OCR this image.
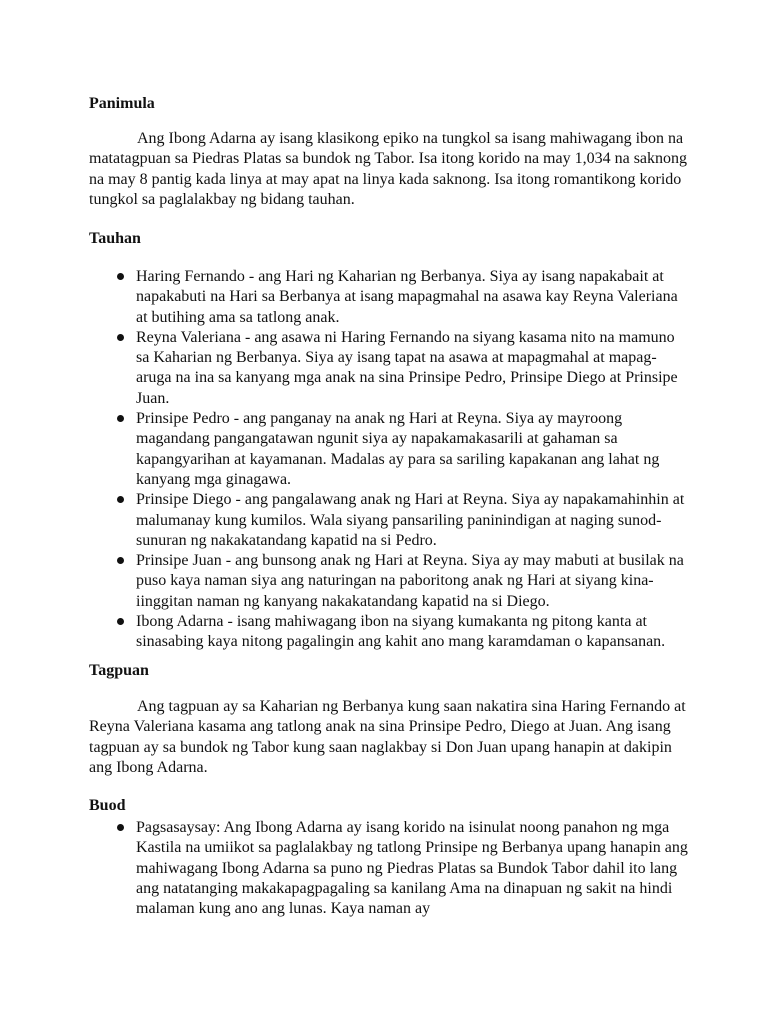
Panimula

Ang Ibong Adarna ay isang klasikong epiko na tungkol sa isang mahiwagang ibon na matatagpuan sa Piedras Platas sa bundok ng Tabor. Isa itong korido na may 1,034 na saknong na may 8 pantig kada linya at may apat na linya kada saknong. Isa itong romantikong korido tungkol sa paglalakbay ng bidang tauhan.

Tauhan
Haring Fernando - ang Hari ng Kaharian ng Berbanya. Siya ay isang napakabait at napakabuti na Hari sa Berbanya at isang mapagmahal na asawa kay Reyna Valeriana at butihing ama sa tatlong anak.
Reyna Valeriana - ang asawa ni Haring Fernando na siyang kasama nito na mamuno sa Kaharian ng Berbanya. Siya ay isang tapat na asawa at mapagmahal at mapag-aruga na ina sa kanyang mga anak na sina Prinsipe Pedro, Prinsipe Diego at Prinsipe Juan.
Prinsipe Pedro - ang panganay na anak ng Hari at Reyna. Siya ay mayroong magandang pangangatawan ngunit siya ay napakamakasarili at gahaman sa kapangyarihan at kayamanan. Madalas ay para sa sariling kapakanan ang lahat ng kanyang mga ginagawa.
Prinsipe Diego - ang pangalawang anak ng Hari at Reyna. Siya ay napakamahinhin at malumanay kung kumilos. Wala siyang pansariling paninindigan at naging sunod-sunuran ng nakakatandang kapatid na si Pedro.
Prinsipe Juan - ang bunsong anak ng Hari at Reyna. Siya ay may mabuti at busilak na puso kaya naman siya ang naturingan na paboritong anak ng Hari at siyang kina-iinggitan naman ng kanyang nakakatandang kapatid na si Diego.
Ibong Adarna - isang mahiwagang ibon na siyang kumakanta ng pitong kanta at sinasabing kaya nitong pagalingin ang kahit ano mang karamdaman o kapansanan.
Tagpuan

Ang tagpuan ay sa Kaharian ng Berbanya kung saan nakatira sina Haring Fernando at Reyna Valeriana kasama ang tatlong anak na sina Prinsipe Pedro, Diego at Juan. Ang isang tagpuan ay sa bundok ng Tabor kung saan naglakbay si Don Juan upang hanapin at dakipin ang Ibong Adarna.

Buod
Pagsasaysay: Ang Ibong Adarna ay isang korido na isinulat noong panahon ng mga Kastila na umiikot sa paglalakbay ng tatlong Prinsipe ng Berbanya upang hanapin ang mahiwagang Ibong Adarna sa puno ng Piedras Platas sa Bundok Tabor dahil ito lang ang natatanging makakapagpagaling sa kanilang Ama na dinapuan ng sakit na hindi malaman kung ano ang lunas. Kaya naman ay
